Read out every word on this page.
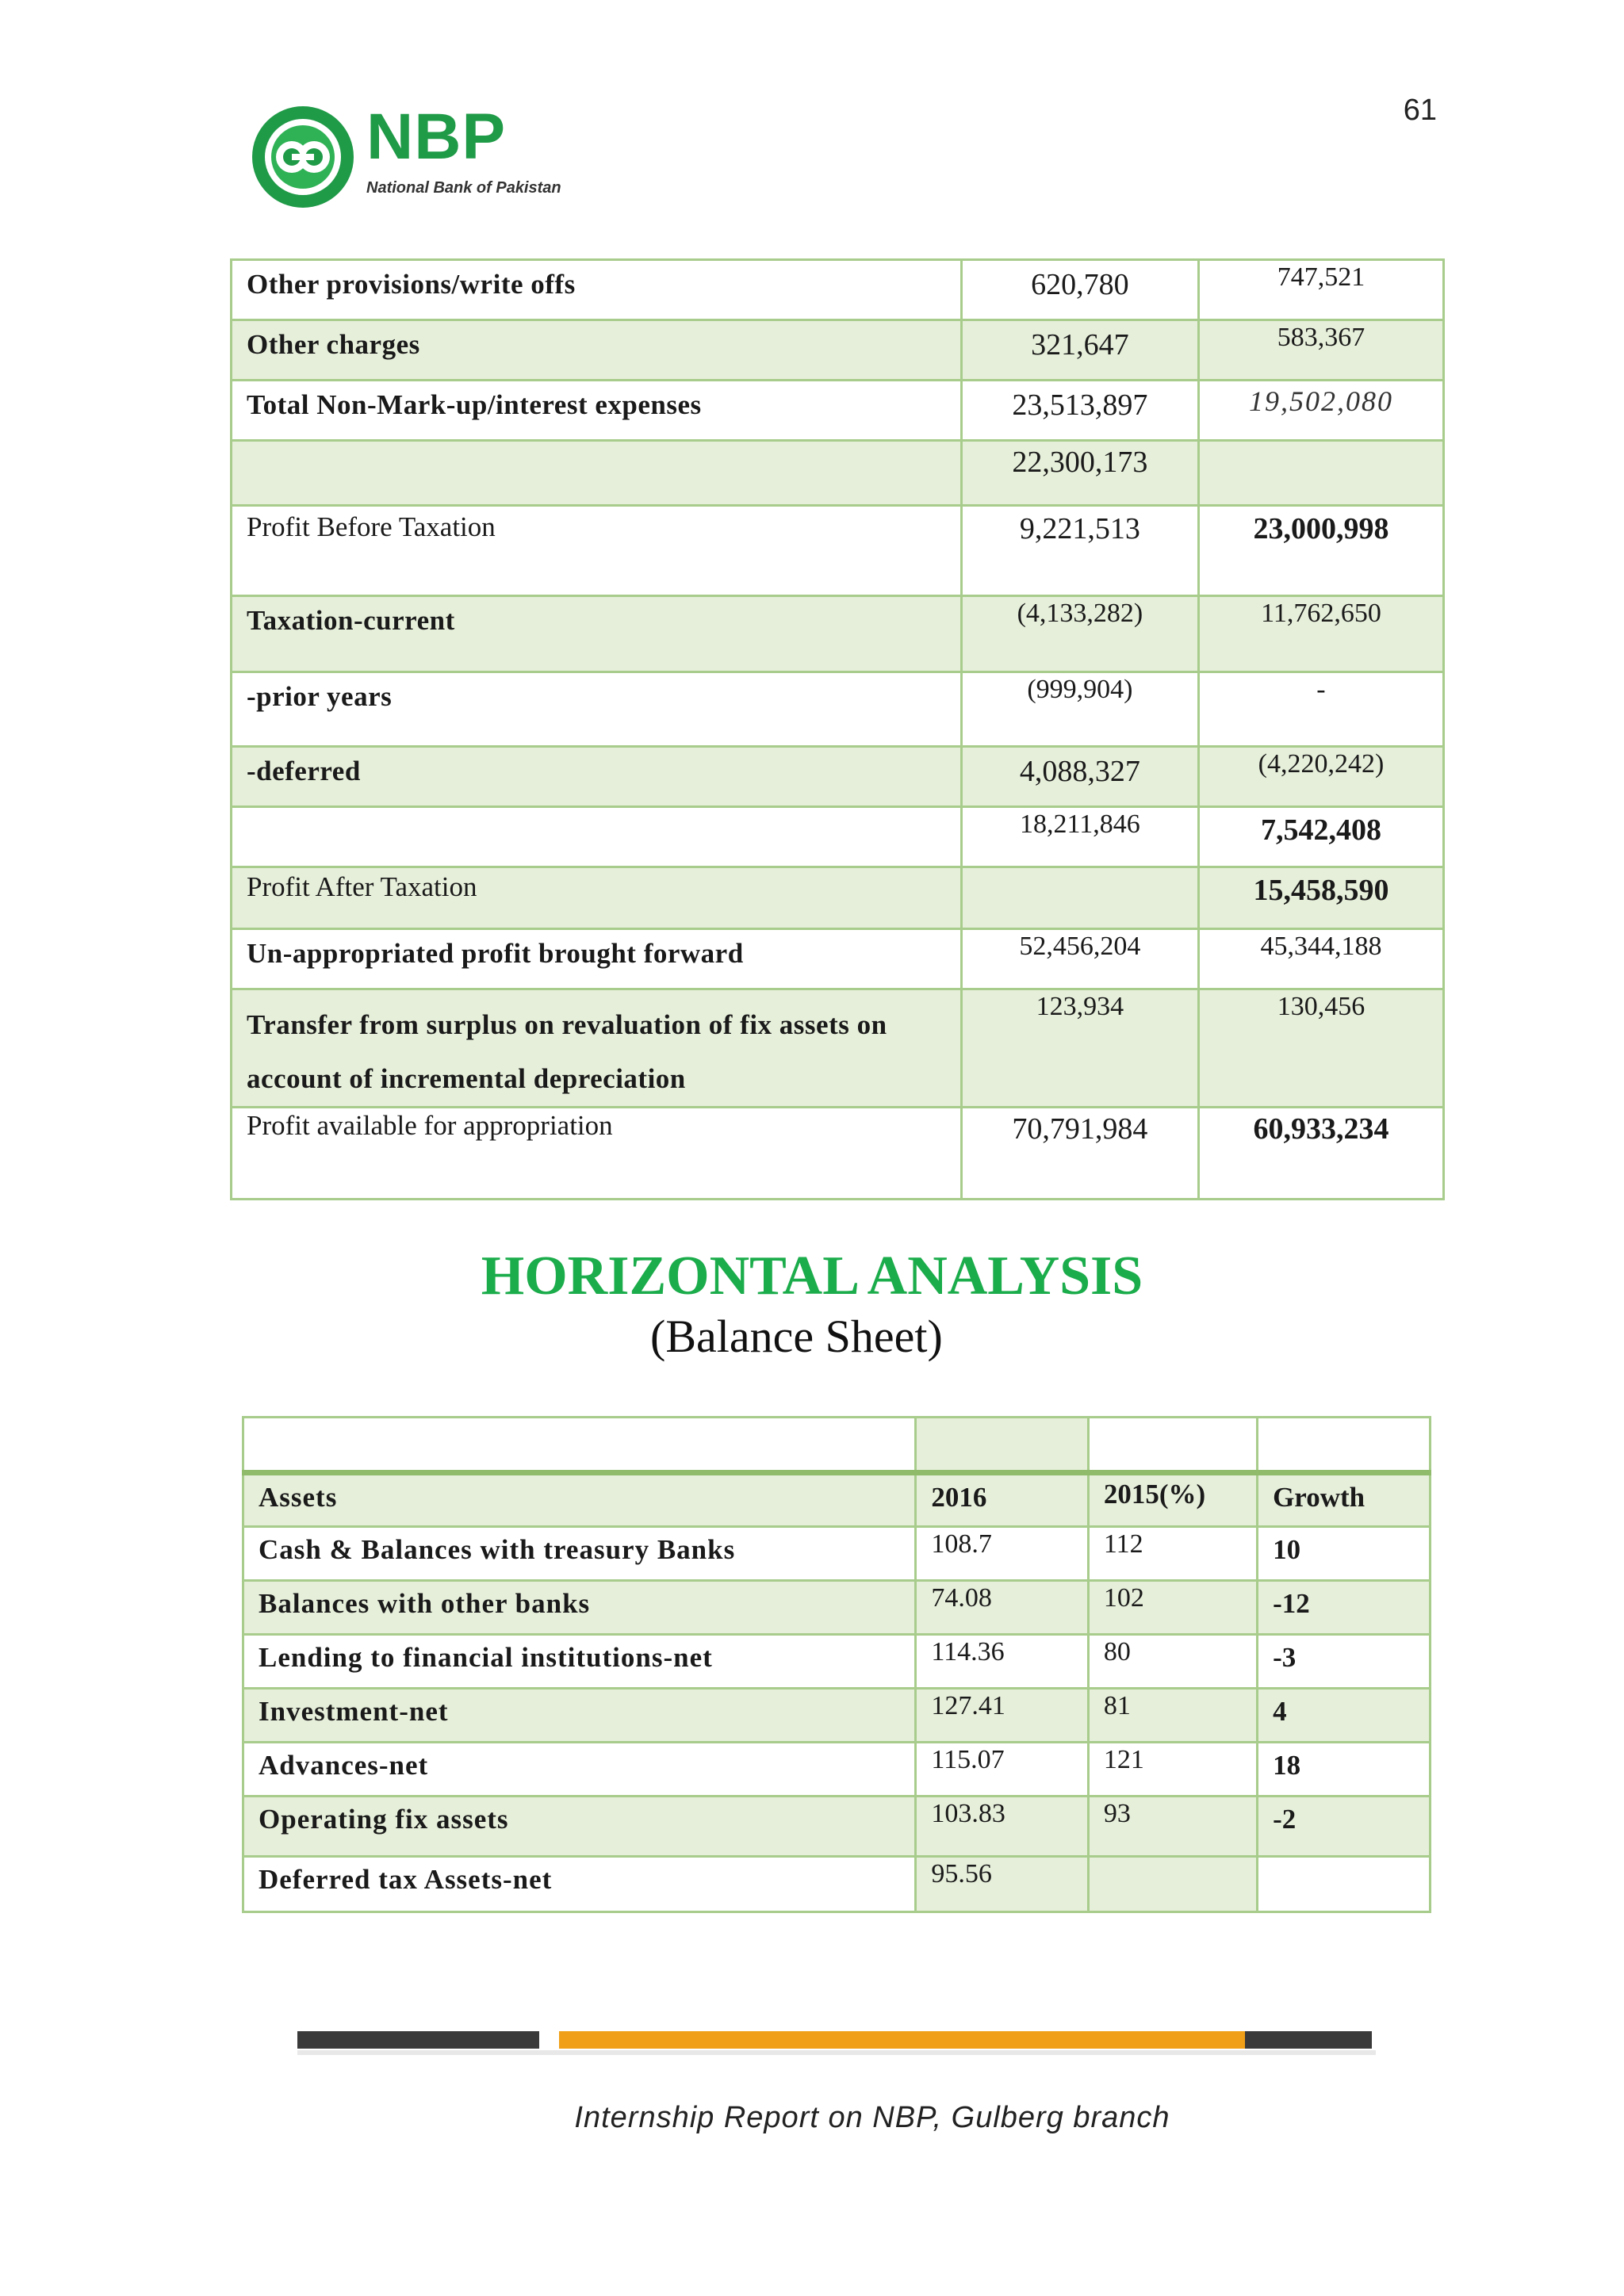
61
NBP
National Bank of Pakistan
Other provisions/write offs	620,780	747,521
Other charges	321,647	583,367
Total Non-Mark-up/interest expenses	23,513,897	19,502,080
	22,300,173	
Profit Before Taxation	9,221,513	23,000,998
Taxation-current	(4,133,282)	11,762,650
-prior years	(999,904)	-
-deferred	4,088,327	(4,220,242)
	18,211,846	7,542,408
Profit After Taxation		15,458,590
Un-appropriated profit brought forward	52,456,204	45,344,188
Transfer from surplus on revaluation of fix assets on account of incremental depreciation	123,934	130,456
Profit available for appropriation	70,791,984	60,933,234
HORIZONTAL ANALYSIS
(Balance Sheet)

Assets	2016	2015(%)	Growth
Cash & Balances with treasury Banks	108.7	112	10
Balances with other banks	74.08	102	-12
Lending to financial institutions-net	114.36	80	-3
Investment-net	127.41	81	4
Advances-net	115.07	121	18
Operating fix assets	103.83	93	-2
Deferred tax Assets-net	95.56		
Internship Report on NBP, Gulberg branch
